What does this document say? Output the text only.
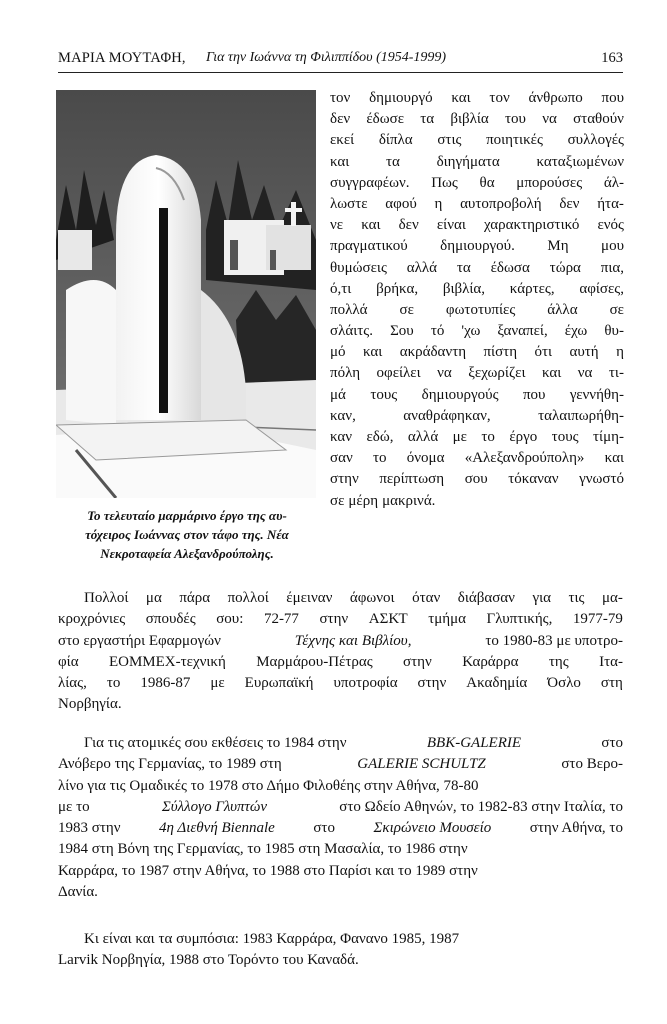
ΜΑΡΙΑ ΜΟΥΤΑΦΗ, Για την Ιωάννα τη Φιλιππίδου (1954-1999)	163
Το τελευταίο μαρμάρινο έργο της αυ-
τόχειρος Ιωάννας στον τάφο της. Νέα
Νεκροταφεία Αλεξανδρούπολης.
τον δημιουργό και τον άνθρωπο που
δεν έδωσε τα βιβλία του να σταθούν
εκεί δίπλα στις ποιητικές συλλογές
και τα διηγήματα καταξιωμένων
συγγραφέων. Πως θα μπορούσες άλ-
λωστε αφού η αυτοπροβολή δεν ήτα-
νε και δεν είναι χαρακτηριστικό ενός
πραγματικού δημιουργού. Μη μου
θυμώσεις αλλά τα έδωσα τώρα πια,
ό,τι βρήκα, βιβλία, κάρτες, αφίσες,
πολλά σε φωτοτυπίες άλλα σε
σλάιτς. Σου τό 'χω ξαναπεί, έχω θυ-
μό και ακράδαντη πίστη ότι αυτή η
πόλη οφείλει να ξεχωρίζει και να τι-
μά τους δημιουργούς που γεννήθη-
καν,	αναθράφηκαν,	ταλαιπωρήθη-
καν εδώ, αλλά με το έργο τους τίμη-
σαν το όνομα «Αλεξανδρούπολη» και
στην περίπτωση σου τόκαναν γνωστό
σε μέρη μακρινά.
Πολλοί μα πάρα πολλοί έμειναν άφωνοι όταν διάβασαν για τις μα-
κροχρόνιες σπουδές σου: 72-77 στην ΑΣΚΤ τμήμα Γλυπτικής, 1977-79
στο εργαστήρι Εφαρμογών	Τέχνης και Βιβλίου,	το 1980-83 με υποτρο-
φία ΕΟΜΜΕΧ-τεχνική Μαρμάρου-Πέτρας στην Καράρρα της Ιτα-
λίας, το 1986-87 με Ευρωπαϊκή υποτροφία στην Ακαδημία Όσλο στη
Νορβηγία.
Για τις ατομικές σου εκθέσεις το 1984 στην	BBK-GALERIE	στο
Ανόβερο της Γερμανίας, το 1989 στη	GALERIE SCHULTZ	στο Βερο-
λίνο για τις Ομαδικές το 1978 στο Δήμο Φιλοθέης στην Αθήνα, 78-80
με το	Σύλλογο Γλυπτών	στο Ωδείο Αθηνών, το 1982-83 στην Ιταλία, το
1983 στην	4η Διεθνή Biennale	στο	Σκιρώνειο Μουσείο	στην Αθήνα, το
1984 στη Βόνη της Γερμανίας, το 1985 στη Μασαλία, το 1986 στην
Καρράρα, το 1987 στην Αθήνα, το 1988 στο Παρίσι και το 1989 στην
Δανία.
Κι είναι και τα συμπόσια: 1983 Καρράρα, Φανανο 1985, 1987
Larvik Νορβηγία, 1988 στο Τορόντο του Καναδά.
